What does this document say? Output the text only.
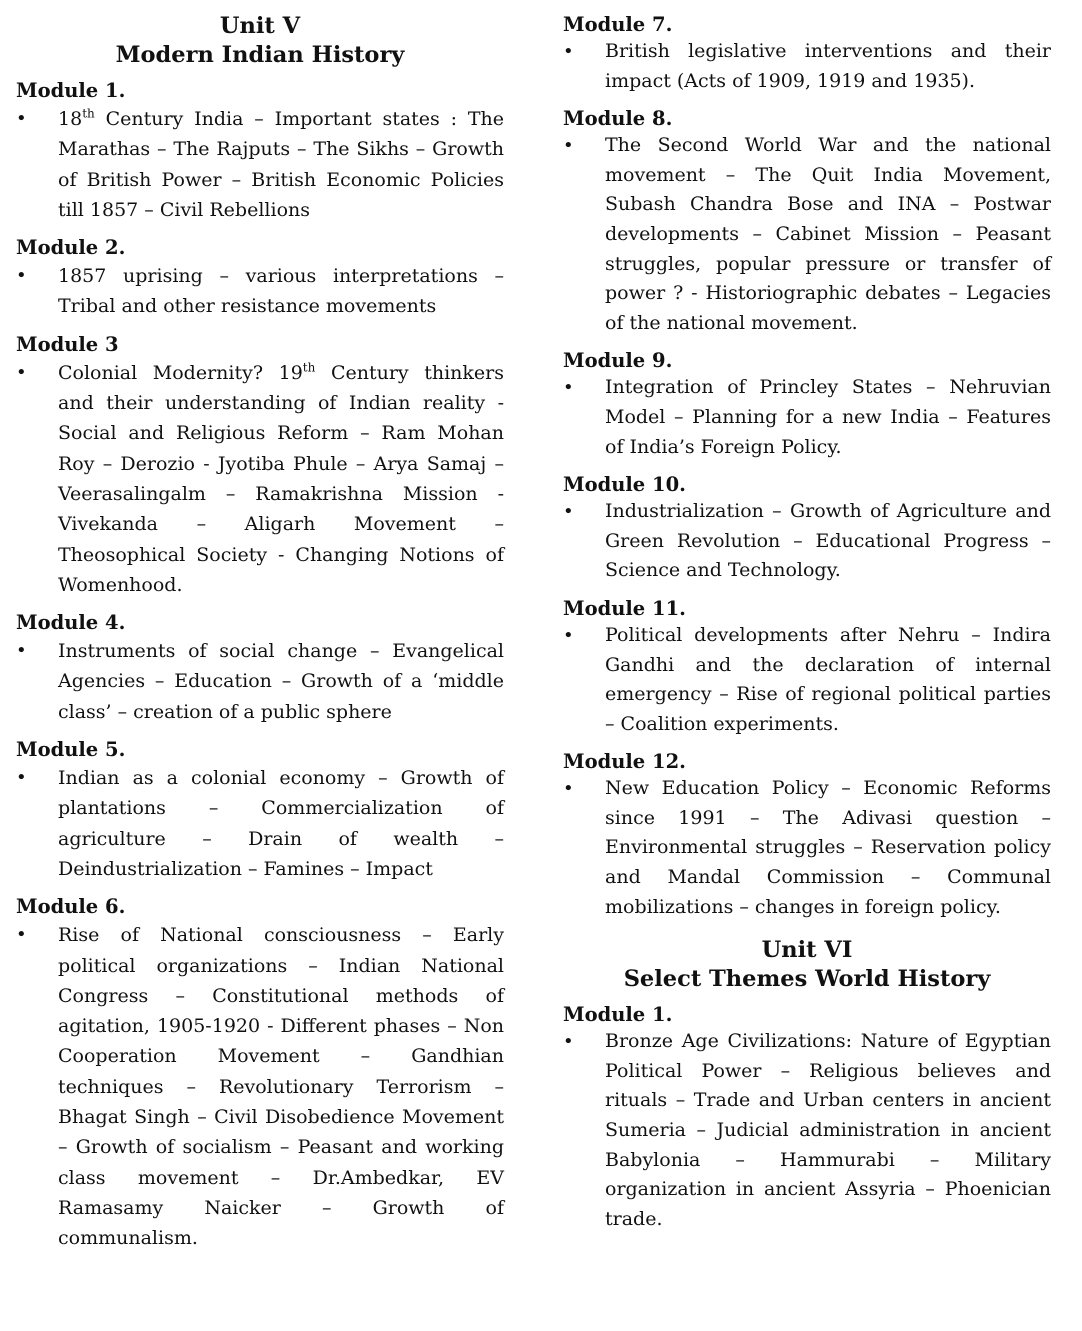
Unit V
Modern Indian History
Module 1.
• 18th Century India – Important states : The Marathas – The Rajputs – The Sikhs – Growth of British Power – British Economic Policies till 1857 – Civil Rebellions
Module 2.
• 1857 uprising – various interpretations – Tribal and other resistance movements
Module 3
• Colonial Modernity? 19th Century thinkers and their understanding of Indian reality - Social and Religious Reform – Ram Mohan Roy – Derozio - Jyotiba Phule – Arya Samaj – Veerasalingalm – Ramakrishna Mission - Vivekanda – Aligarh Movement – Theosophical Society - Changing Notions of Womenhood.
Module 4.
• Instruments of social change – Evangelical Agencies – Education – Growth of a ‘middle class’ – creation of a public sphere
Module 5.
• Indian as a colonial economy – Growth of plantations – Commercialization of agriculture – Drain of wealth – Deindustrialization – Famines – Impact
Module 6.
• Rise of National consciousness – Early political organizations – Indian National Congress – Constitutional methods of agitation, 1905-1920 - Different phases – Non Cooperation Movement – Gandhian techniques – Revolutionary Terrorism – Bhagat Singh – Civil Disobedience Movement – Growth of socialism – Peasant and working class movement – Dr.Ambedkar, EV Ramasamy Naicker – Growth of communalism.
Module 7.
• British legislative interventions and their impact (Acts of 1909, 1919 and 1935).
Module 8.
• The Second World War and the national movement – The Quit India Movement, Subash Chandra Bose and INA – Postwar developments – Cabinet Mission – Peasant struggles, popular pressure or transfer of power ? - Historiographic debates – Legacies of the national movement.
Module 9.
• Integration of Princley States – Nehruvian Model – Planning for a new India – Features of India’s Foreign Policy.
Module 10.
• Industrialization – Growth of Agriculture and Green Revolution – Educational Progress – Science and Technology.
Module 11.
• Political developments after Nehru – Indira Gandhi and the declaration of internal emergency – Rise of regional political parties – Coalition experiments.
Module 12.
• New Education Policy – Economic Reforms since 1991 – The Adivasi question – Environmental struggles – Reservation policy and Mandal Commission – Communal mobilizations – changes in foreign policy.
Unit VI
Select Themes World History
Module 1.
• Bronze Age Civilizations: Nature of Egyptian Political Power – Religious believes and rituals – Trade and Urban centers in ancient Sumeria – Judicial administration in ancient Babylonia – Hammurabi – Military organization in ancient Assyria – Phoenician trade.
